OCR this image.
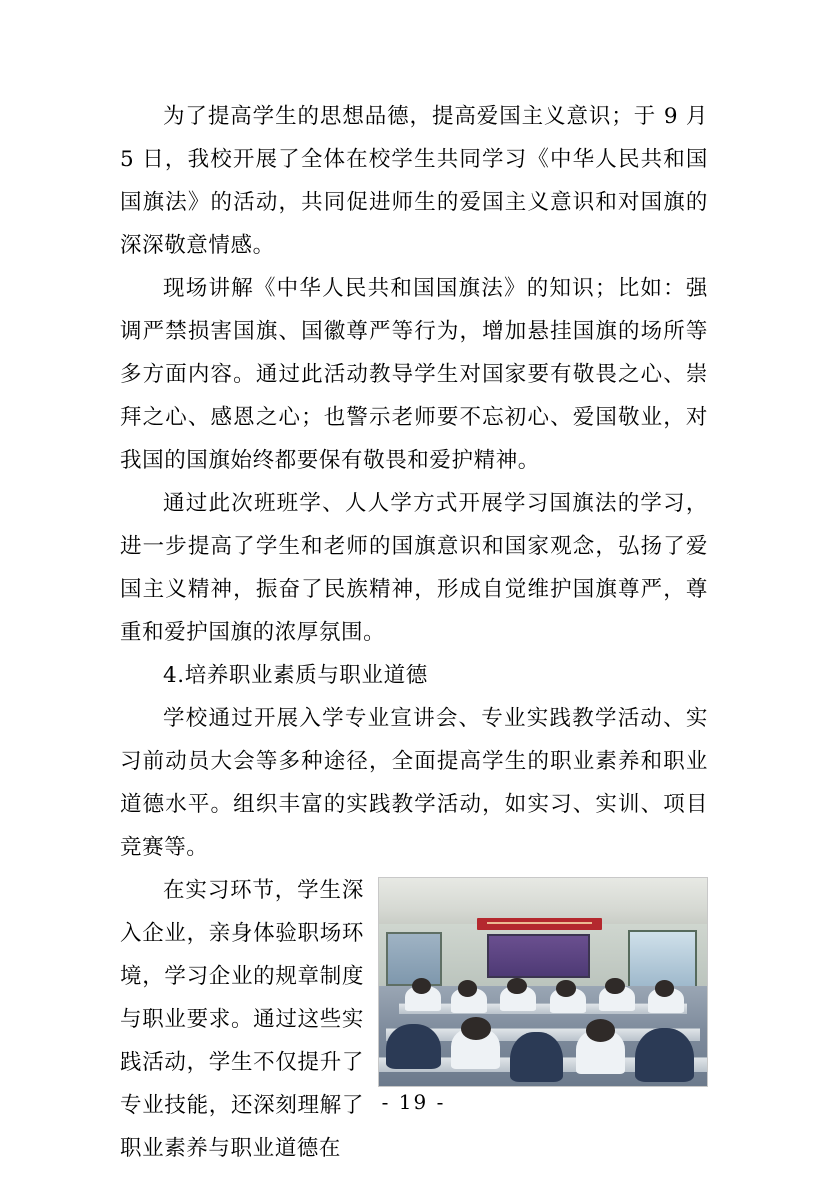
为了提高学生的思想品德，提高爱国主义意识；于 9 月 5 日，我校开展了全体在校学生共同学习《中华人民共和国国旗法》的活动，共同促进师生的爱国主义意识和对国旗的深深敬意情感。

现场讲解《中华人民共和国国旗法》的知识；比如：强调严禁损害国旗、国徽尊严等行为，增加悬挂国旗的场所等多方面内容。通过此活动教导学生对国家要有敬畏之心、崇拜之心、感恩之心；也警示老师要不忘初心、爱国敬业，对我国的国旗始终都要保有敬畏和爱护精神。

通过此次班班学、人人学方式开展学习国旗法的学习，进一步提高了学生和老师的国旗意识和国家观念，弘扬了爱国主义精神，振奋了民族精神，形成自觉维护国旗尊严，尊重和爱护国旗的浓厚氛围。

4.培养职业素质与职业道德

学校通过开展入学专业宣讲会、专业实践教学活动、实习前动员大会等多种途径，全面提高学生的职业素养和职业道德水平。组织丰富的实践教学活动，如实习、实训、项目竞赛等。

在实习环节，学生深入企业，亲身体验职场环境，学习企业的规章制度与职业要求。通过这些实践活动，学生不仅提升了专业技能，还深刻理解了职业素养与职业道德在

- 19 -
